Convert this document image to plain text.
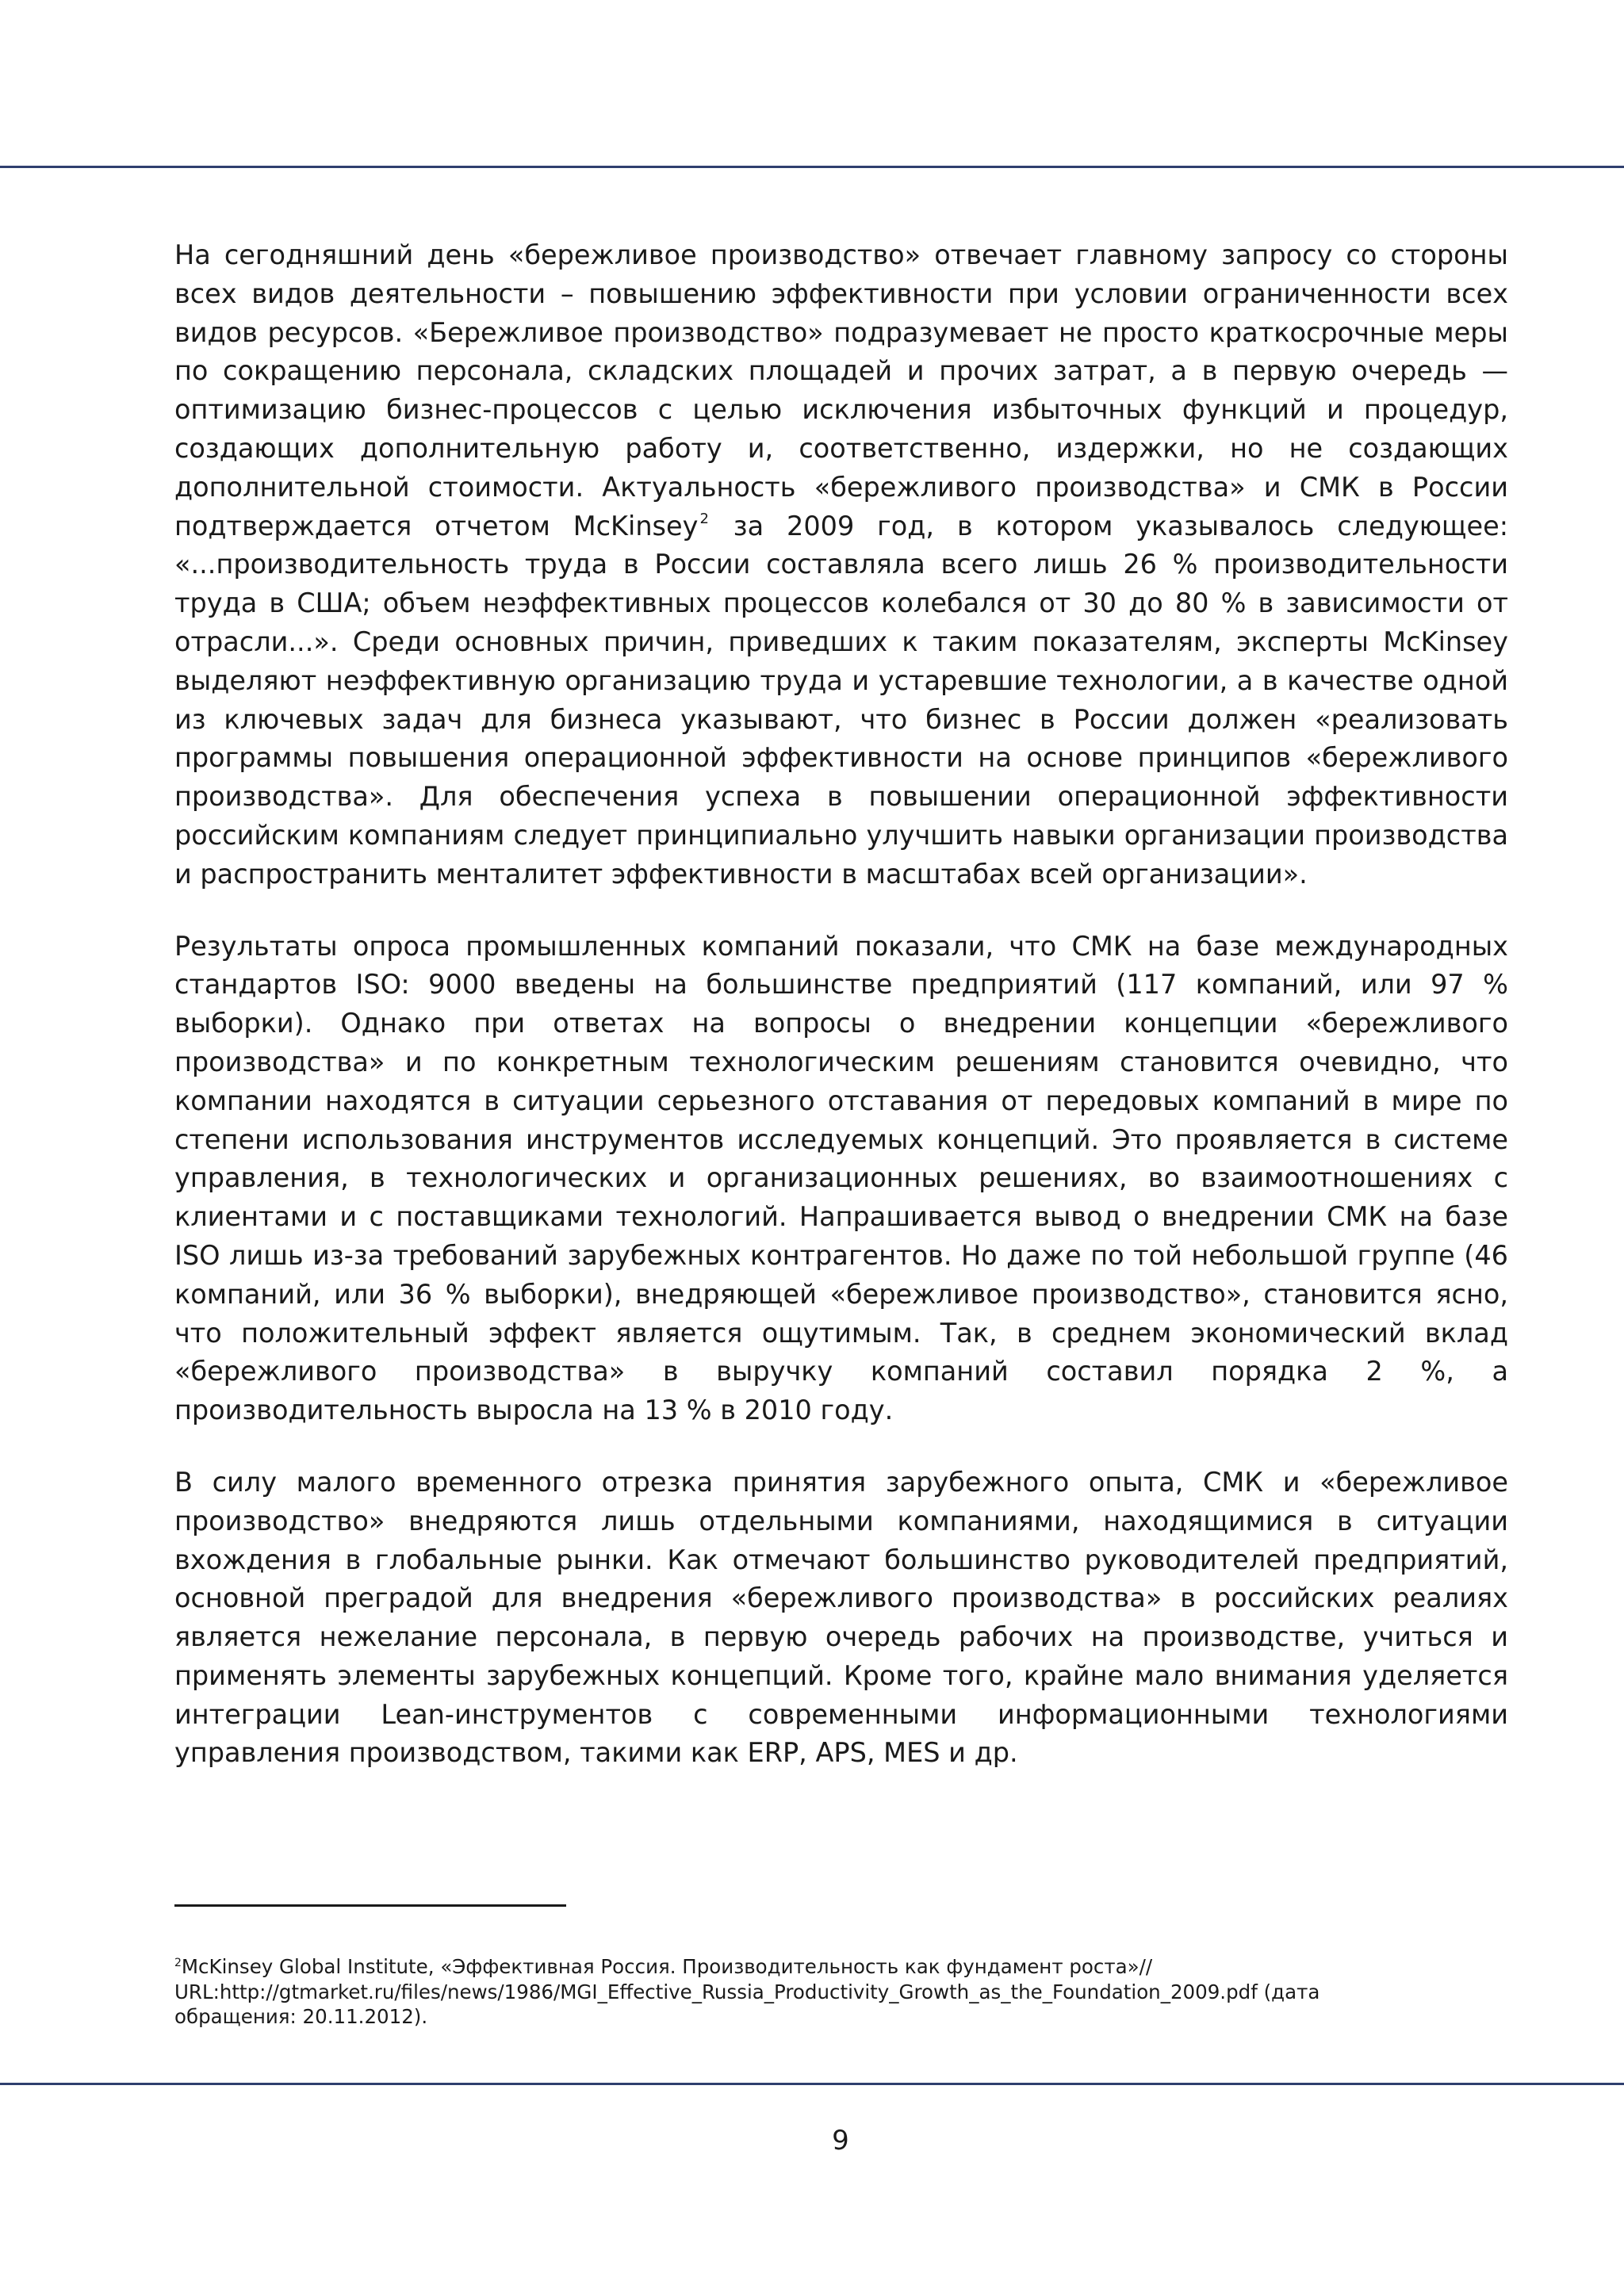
На сегодняшний день «бережливое производство» отвечает главному запросу со стороны всех видов деятельности – повышению эффективности при условии ограниченности всех видов ресурсов. «Бережливое производство» подразумевает не просто краткосрочные меры по сокращению персонала, складских площадей и прочих затрат, а в первую очередь — оптимизацию бизнес-процессов с целью исключения избыточных функций и процедур, создающих дополнительную работу и, соответственно, издержки, но не создающих дополнительной стоимости. Актуальность «бережливого производства» и СМК в России подтверждается отчетом McKinsey $^2$ за 2009 год, в котором указывалось следующее: «...производительность труда в России составляла всего лишь 26 % производительности труда в США; объем неэффективных процессов колебался от 30 до 80 % в зависимости от отрасли...». Среди основных причин, приведших к таким показателям, эксперты McKinsey выделяют неэффективную организацию труда и устаревшие технологии, а в качестве одной из ключевых задач для бизнеса указывают, что бизнес в России должен «реализовать программы повышения операционной эффективности на основе принципов «бережливого производства». Для обеспечения успеха в повышении операционной эффективности российским компаниям следует принципиально улучшить навыки организации производства и распространить менталитет эффективности в масштабах всей организации».

Результаты опроса промышленных компаний показали, что СМК на базе международных стандартов ISO: 9000 введены на большинстве предприятий (117 компаний, или 97 % выборки). Однако при ответах на вопросы о внедрении концепции «бережливого производства» и по конкретным технологическим решениям становится очевидно, что компании находятся в ситуации серьезного отставания от передовых компаний в мире по степени использования инструментов исследуемых концепций. Это проявляется в системе управления, в технологических и организационных решениях, во взаимоотношениях с клиентами и с поставщиками технологий. Напрашивается вывод о внедрении СМК на базе ISO лишь из-за требований зарубежных контрагентов. Но даже по той небольшой группе (46 компаний, или 36 % выборки), внедряющей «бережливое производство», становится ясно, что положительный эффект является ощутимым. Так, в среднем экономический вклад «бережливого производства» в выручку компаний составил порядка 2 %, а производительность выросла на 13 % в 2010 году.

В силу малого временного отрезка принятия зарубежного опыта, СМК и «бережливое производство» внедряются лишь отдельными компаниями, находящимися в ситуации вхождения в глобальные рынки. Как отмечают большинство руководителей предприятий, основной преградой для внедрения «бережливого производства» в российских реалиях является нежелание персонала, в первую очередь рабочих на производстве, учиться и применять элементы зарубежных концепций. Кроме того, крайне мало внимания уделяется интеграции Lean-инструментов с современными информационными технологиями управления производством, такими как ERP, APS, MES и др.

$^2$McKinsey Global Institute, «Эффективная Россия. Производительность как фундамент роста»//
URL:http://gtmarket.ru/files/news/1986/MGI_Effective_Russia_Productivity_Growth_as_the_Foundation_2009.pdf (дата
обращения: 20.11.2012).
9
